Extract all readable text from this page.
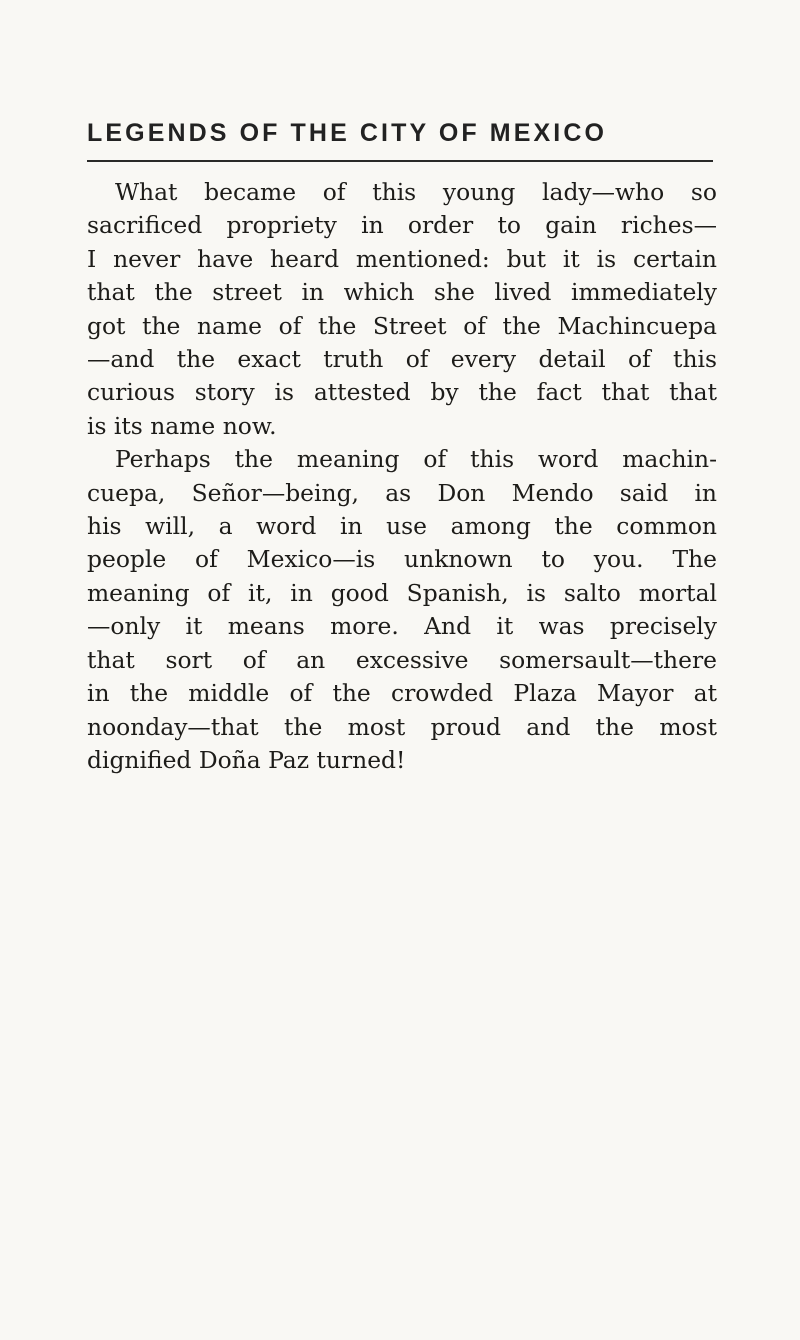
LEGENDS OF THE CITY OF MEXICO

What became of this young lady—who so
sacrificed propriety in order to gain riches—
I never have heard mentioned: but it is certain
that the street in which she lived immediately
got the name of the Street of the Machincuepa
—and the exact truth of every detail of this
curious story is attested by the fact that that
is its name now.

Perhaps the meaning of this word machin-
cuepa, Señor—being, as Don Mendo said in
his will, a word in use among the common
people of Mexico—is unknown to you. The
meaning of it, in good Spanish, is salto mortal
—only it means more. And it was precisely
that sort of an excessive somersault—there
in the middle of the crowded Plaza Mayor at
noonday—that the most proud and the most
dignified Doña Paz turned!
